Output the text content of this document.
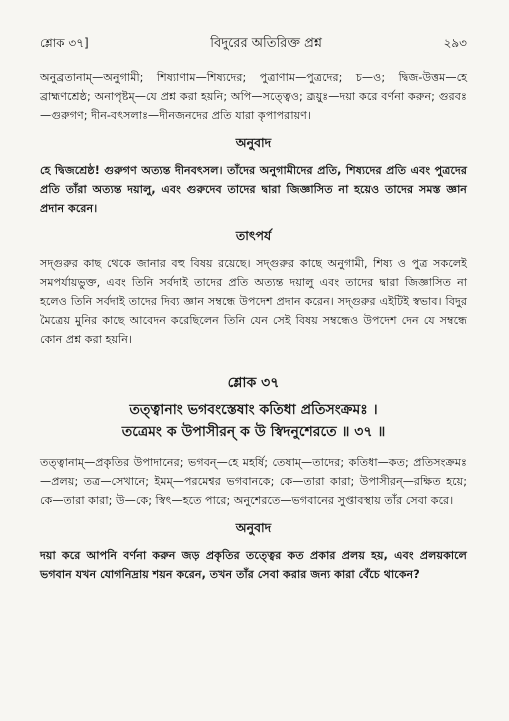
শ্লোক ৩৭]	বিদুরের অতিরিক্ত প্রশ্ন	২৯৩

অনুব্রতানাম্—অনুগামী; শিষ্যাণাম—শিষ্যদের; পুত্রাণাম—পুত্রদের; চ—ও; দ্বিজ-উত্তম—হে ব্রাহ্মণশ্রেষ্ঠ; অনাপৃষ্টম্—যে প্রশ্ন করা হয়নি; অপি—সত্ত্বেও; ব্রূয়ুঃ—দয়া করে বর্ণনা করুন; গুরবঃ—গুরুগণ; দীন-বৎসলাঃ—দীনজনদের প্রতি যারা কৃপাপরায়ণ।

অনুবাদ

হে দ্বিজশ্রেষ্ঠ! গুরুগণ অত্যন্ত দীনবৎসল। তাঁদের অনুগামীদের প্রতি, শিষ্যদের প্রতি এবং পুত্রদের প্রতি তাঁরা অত্যন্ত দয়ালু, এবং গুরুদেব তাদের দ্বারা জিজ্ঞাসিত না হয়েও তাদের সমস্ত জ্ঞান প্রদান করেন।

তাৎপর্য

সদ্গুরুর কাছ থেকে জানার বহু বিষয় রয়েছে। সদ্গুরুর কাছে অনুগামী, শিষ্য ও পুত্র সকলেই সমপর্যায়ভুক্ত, এবং তিনি সর্বদাই তাদের প্রতি অত্যন্ত দয়ালু এবং তাদের দ্বারা জিজ্ঞাসিত না হলেও তিনি সর্বদাই তাদের দিব্য জ্ঞান সম্বন্ধে উপদেশ প্রদান করেন। সদ্গুরুর এইটিই স্বভাব। বিদুর মৈত্রেয় মুনির কাছে আবেদন করেছিলেন তিনি যেন সেই বিষয় সম্বন্ধেও উপদেশ দেন যে সম্বন্ধে কোন প্রশ্ন করা হয়নি।

শ্লোক ৩৭
তত্ত্বানাং ভগবংস্তেষাং কতিধা প্রতিসংক্রমঃ ।
তত্রেমং ক উপাসীরন্ ক উ স্বিদনুশেরতে ॥ ৩৭ ॥

তত্ত্বানাম্—প্রকৃতির উপাদানের; ভগবন্—হে মহর্ষি; তেষাম্—তাদের; কতিধা—কত; প্রতিসংক্রমঃ—প্রলয়; তত্র—সেখানে; ইমম্—পরমেশ্বর ভগবানকে; কে—তারা কারা; উপাসীরন্—রক্ষিত হয়ে; কে—তারা কারা; উ—কে; স্বিৎ—হতে পারে; অনুশেরতে—ভগবানের সুপ্তাবস্থায় তাঁর সেবা করে।

অনুবাদ

দয়া করে আপনি বর্ণনা করুন জড় প্রকৃতির তত্ত্বের কত প্রকার প্রলয় হয়, এবং প্রলয়কালে ভগবান যখন যোগনিদ্রায় শয়ন করেন, তখন তাঁর সেবা করার জন্য কারা বেঁচে থাকেন?
